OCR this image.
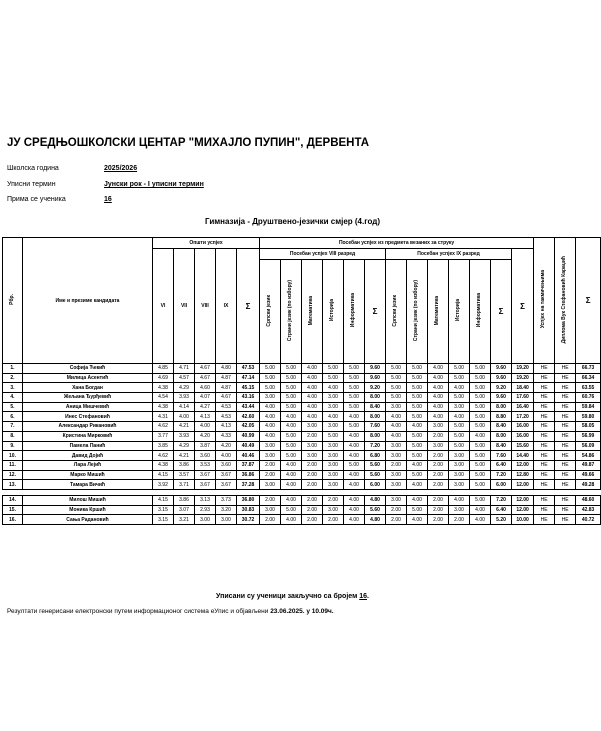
ЈУ СРЕДЊОШКОЛСКИ ЦЕНТАР "МИХАЈЛО ПУПИН", ДЕРВЕНТА
Школска година	2025/2026
Уписни термин	Јунски рок - I уписни термин
Прима се ученика	16
Гимназија - Друштвено-језички смјер (4.год)
Рбр.	Име и презиме кандидата	Општи успјех					Посебан успјех из предмета везаних за струку													Успјех на такмичењима	Диплома Вук Стефановић Караџић	Σ
		VI	VII	VIII	IX	Σ	Посебан успјех VIII разред						Посебан успјех IX разред						Σ			
							Српски језик	Страни језик (по избору)	Математика	Историја	Информатика	Σ	Српски језик	Страни језик (по избору)	Математика	Историја	Информатика	Σ				
1.	Софија Ћекић	4.85	4.71	4.67	4.80	47.53	5.00	5.00	4.00	5.00	5.00	9.60	5.00	5.00	4.00	5.00	5.00	9.60	19.20	НЕ	НЕ	66.73
2.	Милица Асентић	4.69	4.57	4.67	4.87	47.14	5.00	5.00	4.00	5.00	5.00	9.60	5.00	5.00	4.00	5.00	5.00	9.60	19.20	НЕ	НЕ	66.34
3.	Хана Богдан	4.38	4.29	4.60	4.87	45.15	5.00	5.00	4.00	4.00	5.00	9.20	5.00	5.00	4.00	4.00	5.00	9.20	18.40	НЕ	НЕ	63.55
4.	Жељана Ђурђевић	4.54	3.93	4.07	4.67	43.16	3.00	5.00	4.00	3.00	5.00	8.00	5.00	5.00	4.00	5.00	5.00	9.60	17.60	НЕ	НЕ	60.76
5.	Аница Мишчевић	4.38	4.14	4.27	4.53	43.44	4.00	5.00	4.00	3.00	5.00	8.40	3.00	5.00	4.00	3.00	5.00	8.00	16.40	НЕ	НЕ	59.84
6.	Инес Стефановић	4.31	4.00	4.13	4.53	42.60	4.00	4.00	4.00	4.00	4.00	8.00	4.00	5.00	4.00	4.00	5.00	8.80	17.20	НЕ	НЕ	59.80
7.	Александар Рикановић	4.62	4.21	4.00	4.13	42.05	4.00	4.00	3.00	3.00	5.00	7.60	4.00	4.00	3.00	5.00	5.00	8.40	16.00	НЕ	НЕ	58.05
8.	Кристина Мирковић	3.77	3.93	4.20	4.33	40.99	4.00	5.00	2.00	5.00	4.00	8.00	4.00	5.00	2.00	5.00	4.00	8.00	16.00	НЕ	НЕ	56.99
9.	Памела Панић	3.85	4.29	3.87	4.20	40.49	3.00	5.00	3.00	3.00	4.00	7.20	3.00	5.00	3.00	5.00	5.00	8.40	15.60	НЕ	НЕ	56.09
10.	Давид Дојић	4.62	4.21	3.60	4.00	40.46	3.00	5.00	3.00	3.00	4.00	6.80	3.00	5.00	2.00	3.00	5.00	7.60	14.40	НЕ	НЕ	54.86
11.	Лара Лејић	4.38	3.86	3.53	3.60	37.87	2.00	4.00	2.00	3.00	5.00	5.60	2.00	4.00	2.00	3.00	5.00	6.40	12.00	НЕ	НЕ	49.87
12.	Марко Мишић	4.15	3.57	3.67	3.67	36.86	2.00	4.00	2.00	3.00	4.00	5.60	3.00	5.00	2.00	3.00	5.00	7.20	12.80	НЕ	НЕ	49.66
13.	Тамара Вичић	3.92	3.71	3.67	3.67	37.28	3.00	4.00	2.00	3.00	4.00	6.00	3.00	4.00	2.00	3.00	5.00	6.00	12.00	НЕ	НЕ	49.28

14.	Милош Мишић	4.15	3.86	3.13	3.73	36.80	2.00	4.00	2.00	2.00	4.00	4.80	3.00	4.00	2.00	4.00	5.00	7.20	12.00	НЕ	НЕ	48.60
15.	Моника Кршић	3.15	3.07	2.93	3.20	30.83	3.00	5.00	2.00	3.00	4.00	5.60	2.00	5.00	2.00	3.00	4.00	6.40	12.00	НЕ	НЕ	42.83
16.	Сања Радановић	3.15	3.21	3.00	3.00	30.72	2.00	4.00	2.00	2.00	4.00	4.80	2.00	4.00	2.00	2.00	4.00	5.20	10.00	НЕ	НЕ	40.72
Уписани су ученици закључно са бројем 16.
Резултати генерисани електронски путем информационог система еУпис и објављени 23.06.2025. у 10.09ч.
